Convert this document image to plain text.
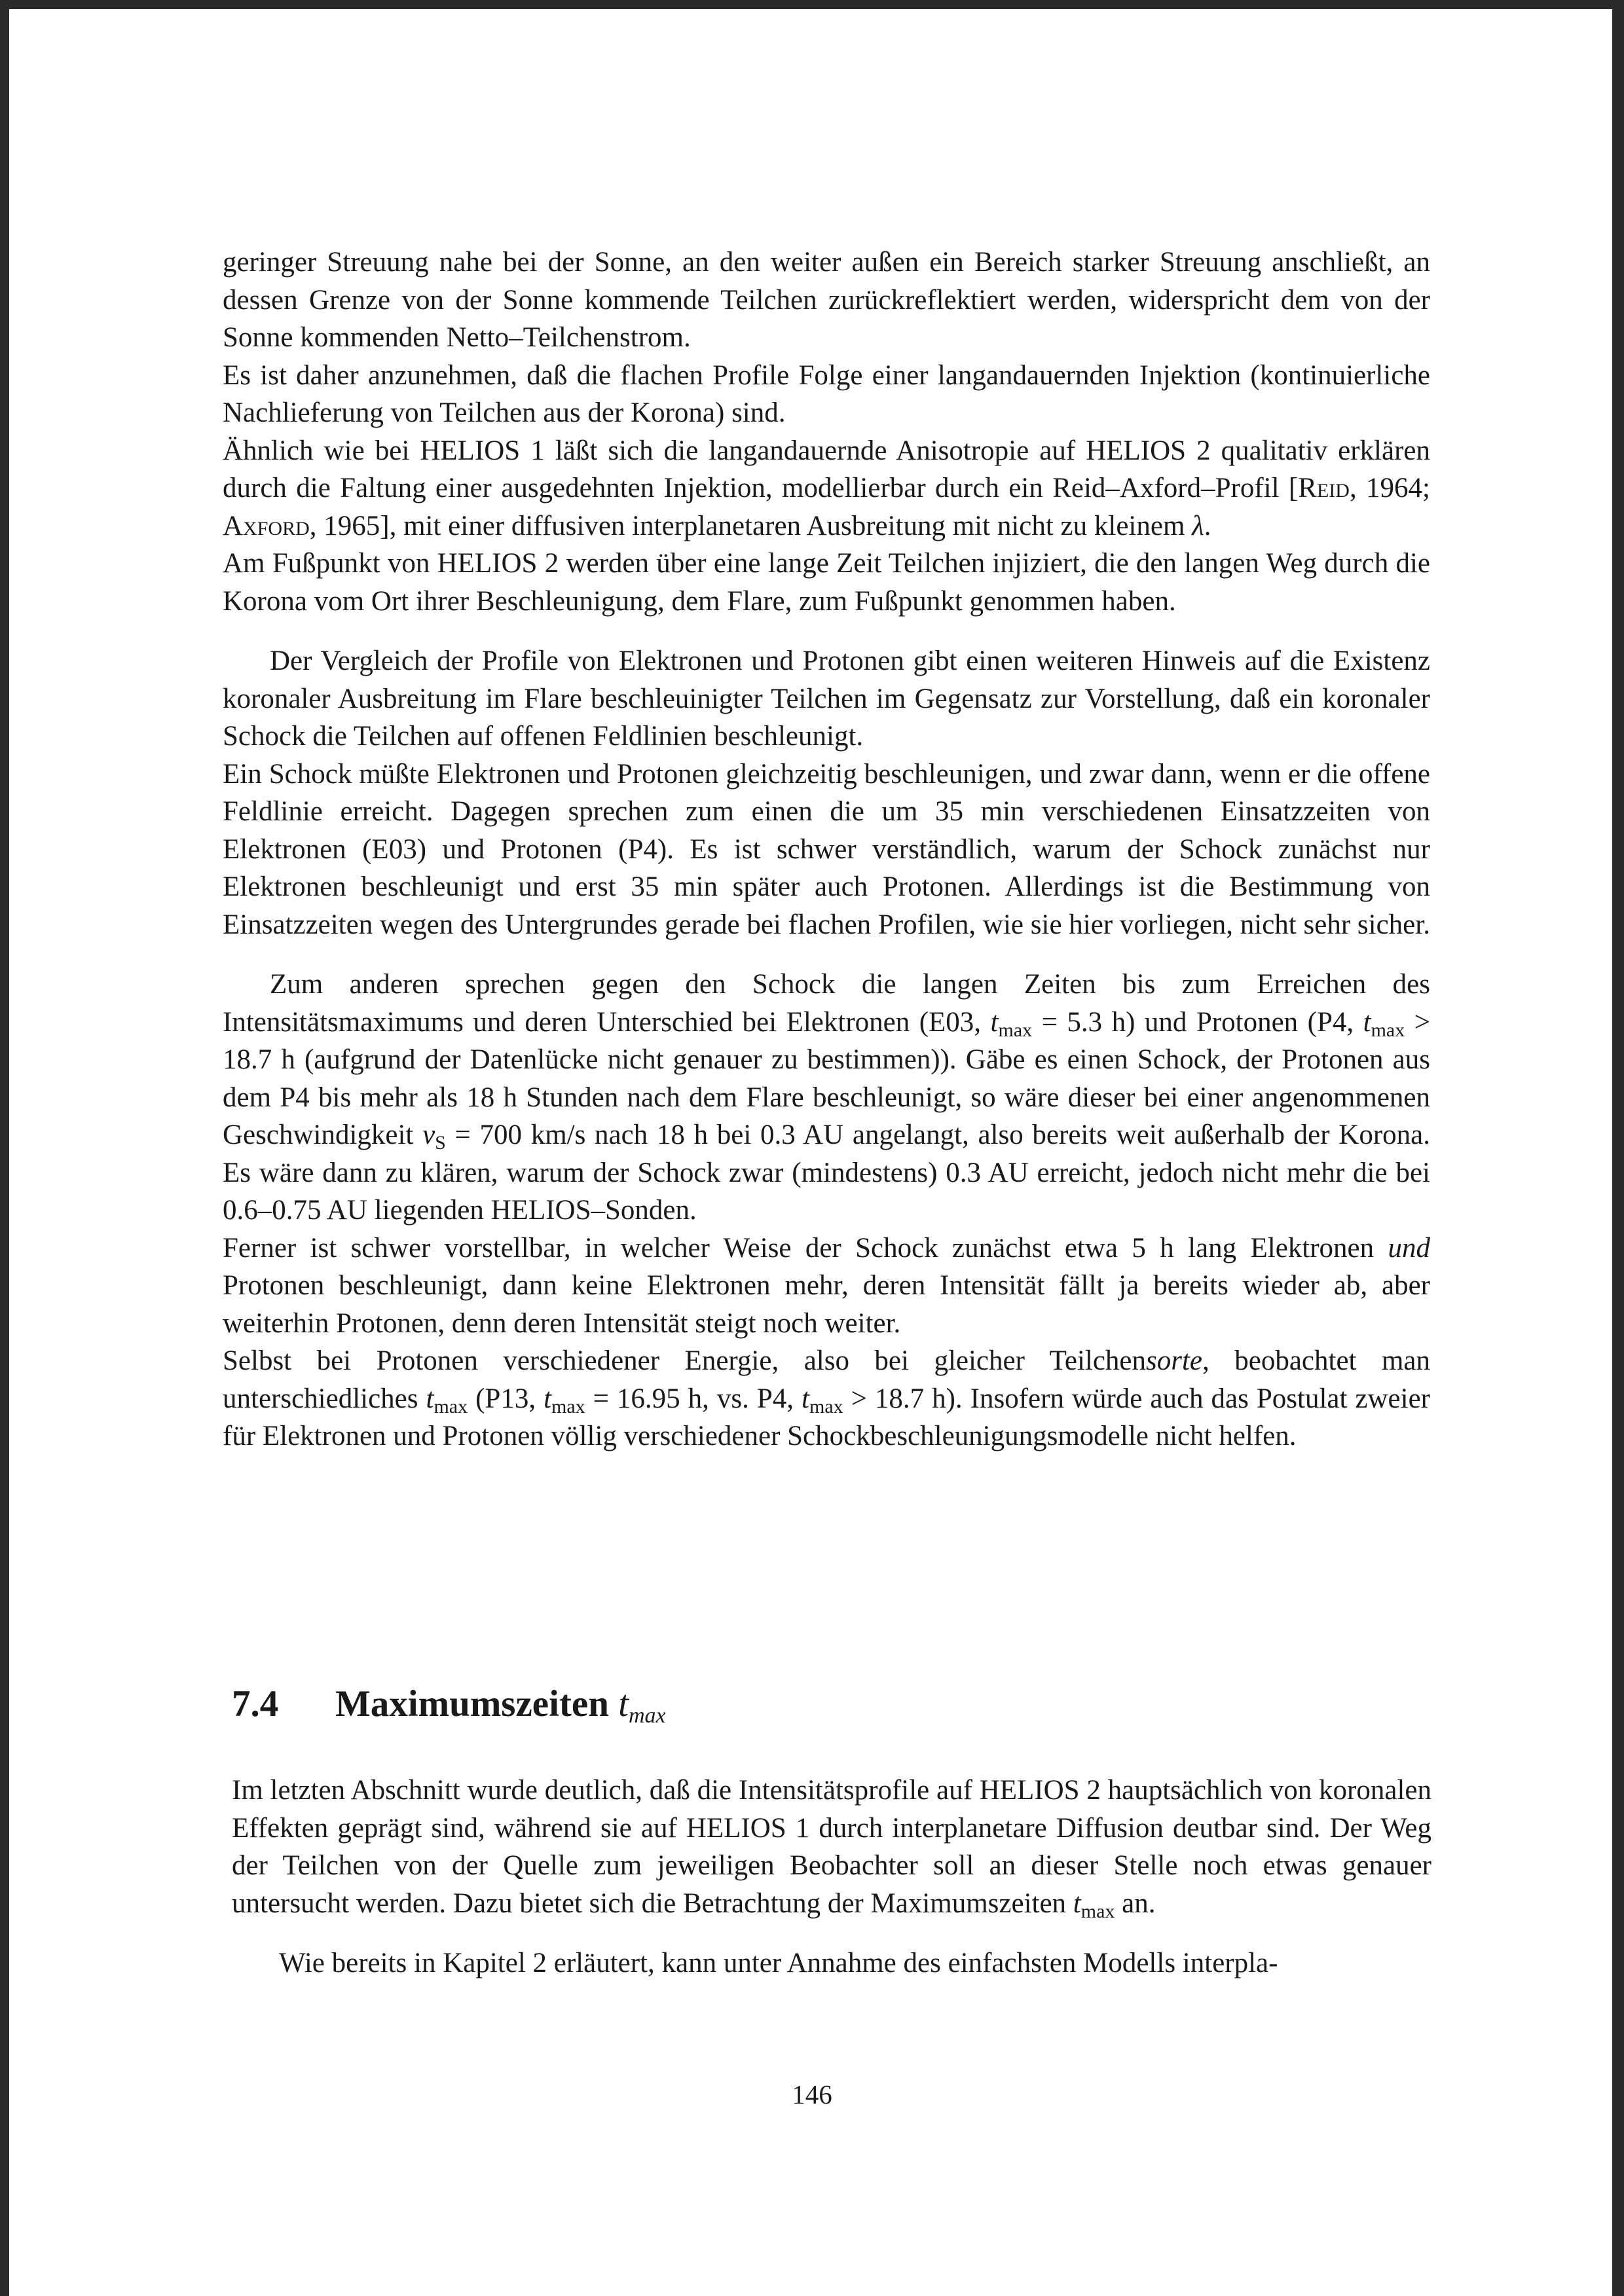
geringer Streuung nahe bei der Sonne, an den weiter außen ein Bereich starker Streuung anschließt, an dessen Grenze von der Sonne kommende Teilchen zurückreflektiert werden, widerspricht dem von der Sonne kommenden Netto–Teilchenstrom.

Es ist daher anzunehmen, daß die flachen Profile Folge einer langandauernden Injektion (kontinuierliche Nachlieferung von Teilchen aus der Korona) sind.

Ähnlich wie bei HELIOS 1 läßt sich die langandauernde Anisotropie auf HELIOS 2 qualitativ erklären durch die Faltung einer ausgedehnten Injektion, modellierbar durch ein Reid–Axford–Profil [Reid, 1964; Axford, 1965], mit einer diffusiven interplanetaren Ausbreitung mit nicht zu kleinem λ.

Am Fußpunkt von HELIOS 2 werden über eine lange Zeit Teilchen injiziert, die den langen Weg durch die Korona vom Ort ihrer Beschleunigung, dem Flare, zum Fußpunkt genommen haben.

Der Vergleich der Profile von Elektronen und Protonen gibt einen weiteren Hinweis auf die Existenz koronaler Ausbreitung im Flare beschleuinigter Teilchen im Gegensatz zur Vorstellung, daß ein koronaler Schock die Teilchen auf offenen Feldlinien beschleunigt.

Ein Schock müßte Elektronen und Protonen gleichzeitig beschleunigen, und zwar dann, wenn er die offene Feldlinie erreicht. Dagegen sprechen zum einen die um 35 min verschiedenen Einsatzzeiten von Elektronen (E03) und Protonen (P4). Es ist schwer verständlich, warum der Schock zunächst nur Elektronen beschleunigt und erst 35 min später auch Protonen. Allerdings ist die Bestimmung von Einsatzzeiten wegen des Untergrundes gerade bei flachen Profilen, wie sie hier vorliegen, nicht sehr sicher.

Zum anderen sprechen gegen den Schock die langen Zeiten bis zum Erreichen des Intensitätsmaximums und deren Unterschied bei Elektronen (E03, $t_{max} = 5.3$ h) und Protonen (P4, $t_{max} > 18.7$ h (aufgrund der Datenlücke nicht genauer zu bestimmen)). Gäbe es einen Schock, der Protonen aus dem P4 bis mehr als 18 h Stunden nach dem Flare beschleunigt, so wäre dieser bei einer angenommenen Geschwindigkeit $v_S = 700$ km/s nach 18 h bei 0.3 AU angelangt, also bereits weit außerhalb der Korona. Es wäre dann zu klären, warum der Schock zwar (mindestens) 0.3 AU erreicht, jedoch nicht mehr die bei 0.6–0.75 AU liegenden HELIOS–Sonden.

Ferner ist schwer vorstellbar, in welcher Weise der Schock zunächst etwa 5 h lang Elektronen und Protonen beschleunigt, dann keine Elektronen mehr, deren Intensität fällt ja bereits wieder ab, aber weiterhin Protonen, denn deren Intensität steigt noch weiter.

Selbst bei Protonen verschiedener Energie, also bei gleicher Teilchensorte, beobachtet man unterschiedliches $t_{max}$ (P13, $t_{max} = 16.95$ h, vs. P4, $t_{max} > 18.7$ h). Insofern würde auch das Postulat zweier für Elektronen und Protonen völlig verschiedener Schockbeschleunigungsmodelle nicht helfen.

7.4 Maximumszeiten $t_{max}$

Im letzten Abschnitt wurde deutlich, daß die Intensitätsprofile auf HELIOS 2 hauptsächlich von koronalen Effekten geprägt sind, während sie auf HELIOS 1 durch interplanetare Diffusion deutbar sind. Der Weg der Teilchen von der Quelle zum jeweiligen Beobachter soll an dieser Stelle noch etwas genauer untersucht werden. Dazu bietet sich die Betrachtung der Maximumszeiten $t_{max}$ an.

Wie bereits in Kapitel 2 erläutert, kann unter Annahme des einfachsten Modells interpla-

146
